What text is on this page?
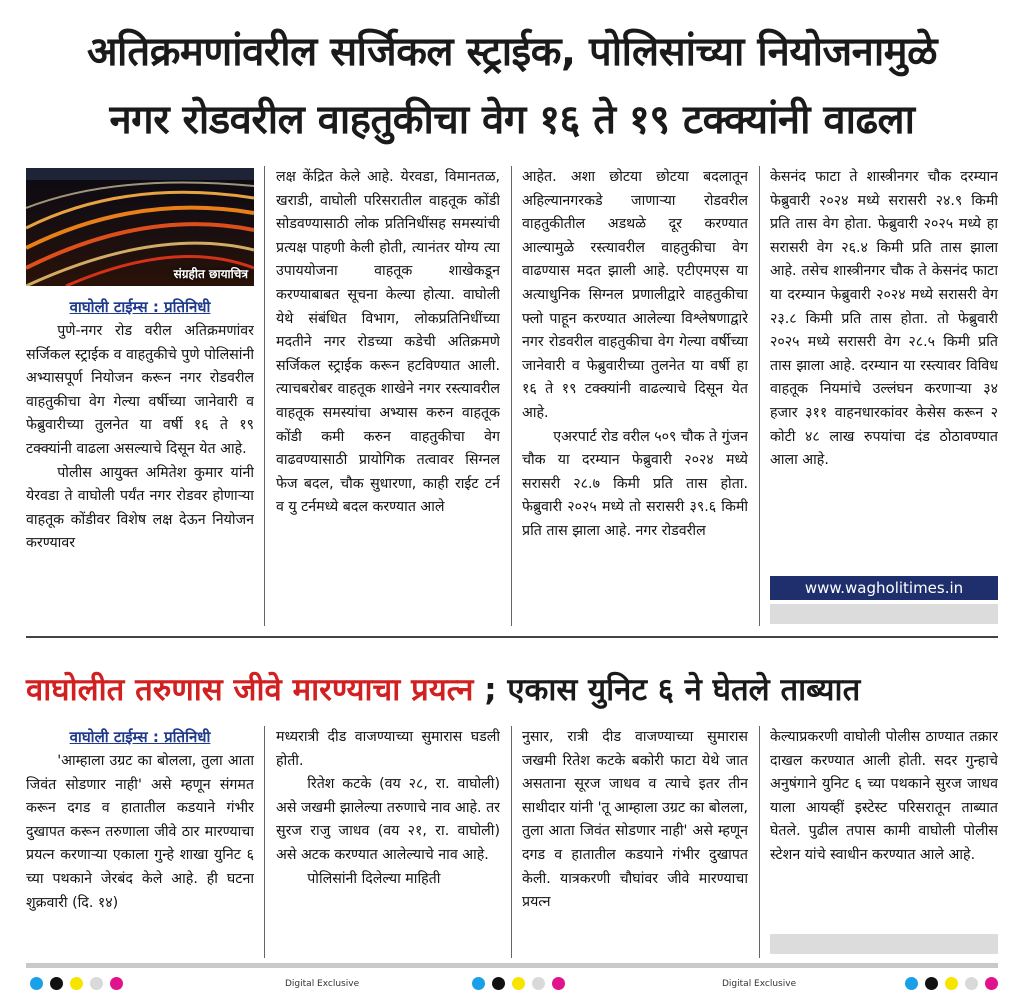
अतिक्रमणांवरील सर्जिकल स्ट्राईक, पोलिसांच्या नियोजनामुळे
नगर रोडवरील वाहतुकीचा वेग १६ ते १९ टक्क्यांनी वाढला
संग्रहीत छायाचित्र
वाघोली टाईम्स : प्रतिनिधी

पुणे-नगर रोड वरील अतिक्रमणांवर सर्जिकल स्ट्राईक व वाहतुकीचे पुणे पोलिसांनी अभ्यासपूर्ण नियोजन करून नगर रोडवरील वाहतुकीचा वेग गेल्या वर्षीच्या जानेवारी व फेब्रुवारीच्या तुलनेत या वर्षी १६ ते १९ टक्क्यांनी वाढला असल्याचे दिसून येत आहे.

पोलीस आयुक्त अमितेश कुमार यांनी येरवडा ते वाघोली पर्यंत नगर रोडवर होणाऱ्या वाहतूक कोंडीवर विशेष लक्ष देऊन नियोजन करण्यावर

लक्ष केंद्रित केले आहे. येरवडा, विमानतळ, खराडी, वाघोली परिसरातील वाहतूक कोंडी सोडवण्यासाठी लोक प्रतिनिधींसह समस्यांची प्रत्यक्ष पाहणी केली होती, त्यानंतर योग्य त्या उपाययोजना वाहतूक शाखेकडून करण्याबाबत सूचना केल्या होत्या. वाघोली येथे संबंधित विभाग, लोकप्रतिनिधींच्या मदतीने नगर रोडच्या कडेची अतिक्रमणे सर्जिकल स्ट्राईक करून हटविण्यात आली. त्याचबरोबर वाहतूक शाखेने नगर रस्त्यावरील वाहतूक समस्यांचा अभ्यास करुन वाहतूक कोंडी कमी करुन वाहतुकीचा वेग वाढवण्यासाठी प्रायोगिक तत्वावर सिग्नल फेज बदल, चौक सुधारणा, काही राईट टर्न व यु टर्नमध्ये बदल करण्यात आले

आहेत. अशा छोटया छोटया बदलातून अहिल्यानगरकडे जाणाऱ्या रोडवरील वाहतुकीतील अडथळे दूर करण्यात आल्यामुळे रस्त्यावरील वाहतुकीचा वेग वाढण्यास मदत झाली आहे. एटीएमएस या अत्याधुनिक सिग्नल प्रणालीद्वारे वाहतुकीचा फ्लो पाहून करण्यात आलेल्या विश्लेषणाद्वारे नगर रोडवरील वाहतुकीचा वेग गेल्या वर्षीच्या जानेवारी व फेब्रुवारीच्या तुलनेत या वर्षी हा १६ ते १९ टक्क्यांनी वाढल्याचे दिसून येत आहे.

एअरपार्ट रोड वरील ५०९ चौक ते गुंजन चौक या दरम्यान फेब्रुवारी २०२४ मध्ये सरासरी २८.७ किमी प्रति तास होता. फेब्रुवारी २०२५ मध्ये तो सरासरी ३९.६ किमी प्रति तास झाला आहे. नगर रोडवरील

केसनंद फाटा ते शास्त्रीनगर चौक दरम्यान फेब्रुवारी २०२४ मध्ये सरासरी २४.९ किमी प्रति तास वेग होता. फेब्रुवारी २०२५ मध्ये हा सरासरी वेग २६.४ किमी प्रति तास झाला आहे. तसेच शास्त्रीनगर चौक ते केसनंद फाटा या दरम्यान फेब्रुवारी २०२४ मध्ये सरासरी वेग २३.८ किमी प्रति तास होता. तो फेब्रुवारी २०२५ मध्ये सरासरी वेग २८.५ किमी प्रति तास झाला आहे. दरम्यान या रस्त्यावर विविध वाहतूक नियमांचे उल्लंघन करणाऱ्या ३४ हजार ३११ वाहनधारकांवर केसेस करून २ कोटी ४८ लाख रुपयांचा दंड ठोठावण्यात आला आहे.

www.wagholitimes.in
वाघोलीत तरुणास जीवे मारण्याचा प्रयत्न ; एकास युनिट ६ ने घेतले ताब्यात
वाघोली टाईम्स : प्रतिनिधी

'आम्हाला उग्रट का बोलला, तुला आता जिवंत सोडणार नाही' असे म्हणून संगमत करून दगड व हातातील कडयाने गंभीर दुखापत करून तरुणाला जीवे ठार मारण्याचा प्रयत्न करणाऱ्या एकाला गुन्हे शाखा युनिट ६ च्या पथकाने जेरबंद केले आहे. ही घटना शुक्रवारी (दि. १४)

मध्यरात्री दीड वाजण्याच्या सुमारास घडली होती.

रितेश कटके (वय २८, रा. वाघोली) असे जखमी झालेल्या तरुणाचे नाव आहे. तर सुरज राजु जाधव (वय २१, रा. वाघोली) असे अटक करण्यात आलेल्याचे नाव आहे.

पोलिसांनी दिलेल्या माहिती

नुसार, रात्री दीड वाजण्याच्या सुमारास जखमी रितेश कटके बकोरी फाटा येथे जात असताना सूरज जाधव व त्याचे इतर तीन साथीदार यांनी 'तू आम्हाला उग्रट का बोलला, तुला आता जिवंत सोडणार नाही' असे म्हणून दगड व हातातील कडयाने गंभीर दुखापत केली. यात्रकरणी चौघांवर जीवे मारण्याचा प्रयत्न

केल्याप्रकरणी वाघोली पोलीस ठाण्यात तक्रार दाखल करण्यात आली होती. सदर गुन्हाचे अनुषंगाने युनिट ६ च्या पथकाने सुरज जाधव याला आयव्हीं इस्टेस्ट परिसरातून ताब्यात घेतले. पुढील तपास कामी वाघोली पोलीस स्टेशन यांचे स्वाधीन करण्यात आले आहे.

Digital Exclusive	Digital Exclusive
